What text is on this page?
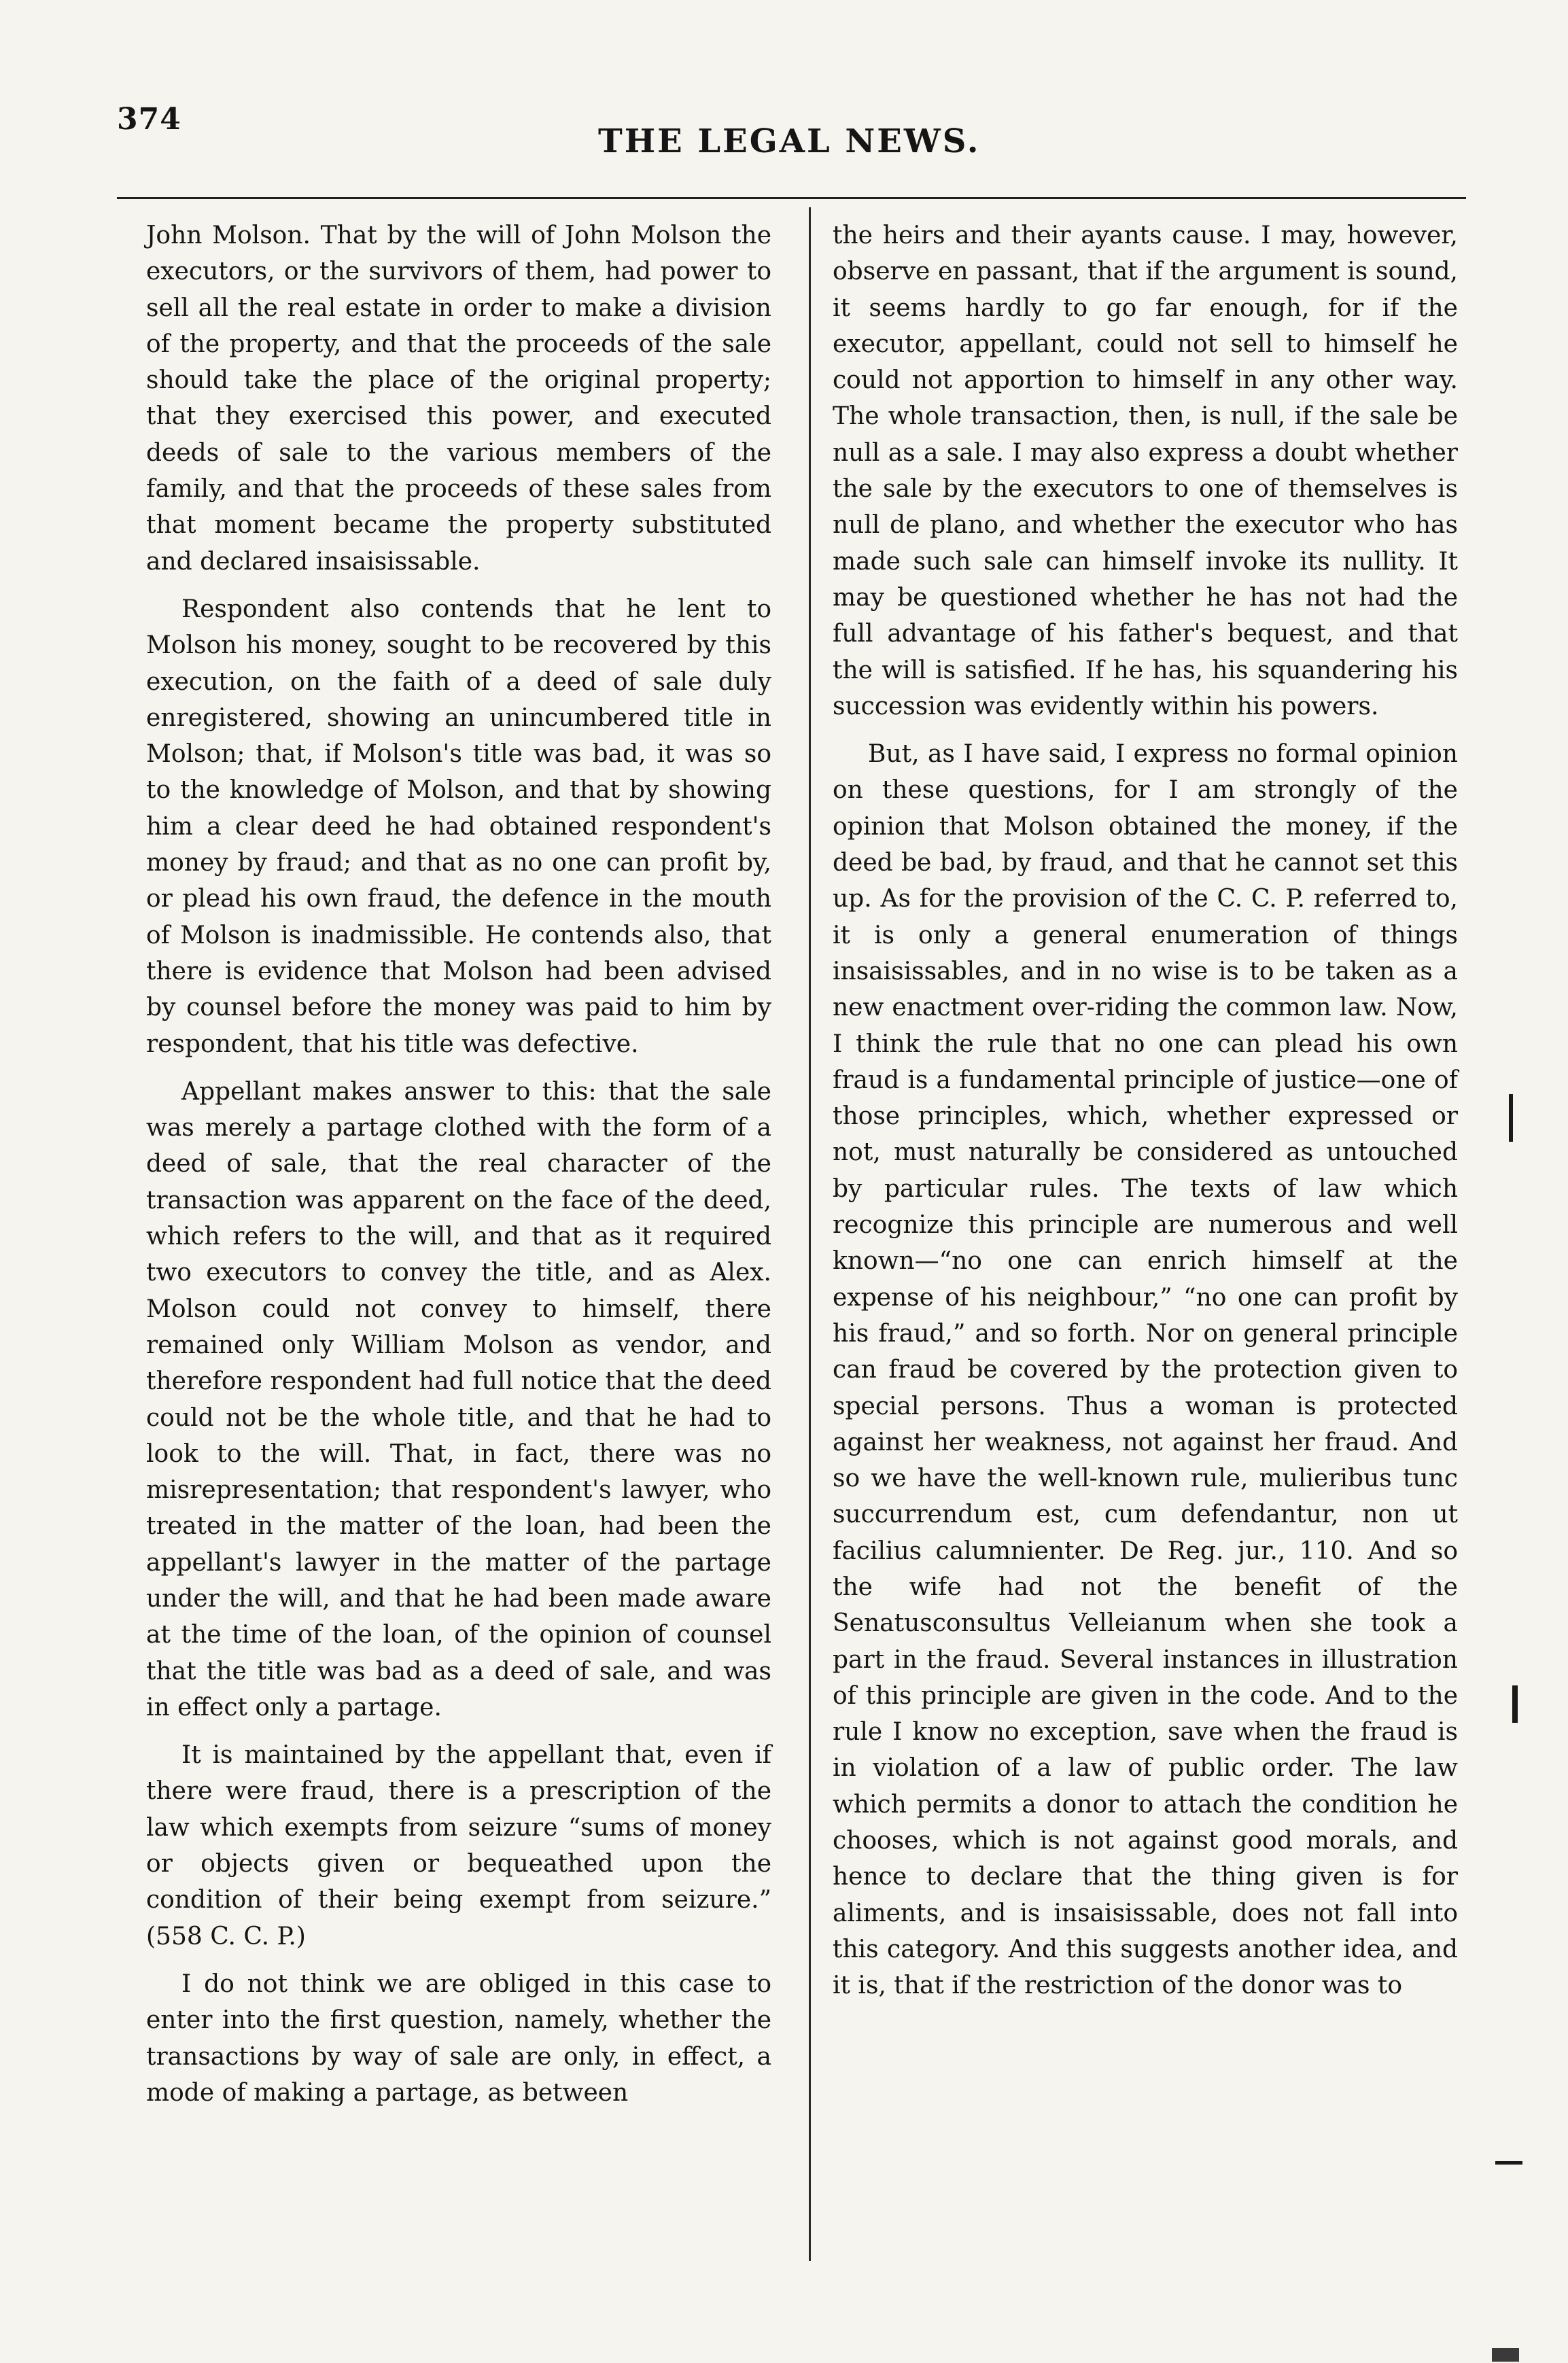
374
THE LEGAL NEWS.

John Molson. That by the will of John Molson the executors, or the survivors of them, had power to sell all the real estate in order to make a division of the property, and that the proceeds of the sale should take the place of the original property; that they exercised this power, and executed deeds of sale to the various members of the family, and that the proceeds of these sales from that moment became the property substituted and declared insaisissable.

Respondent also contends that he lent to Molson his money, sought to be recovered by this execution, on the faith of a deed of sale duly enregistered, showing an unincumbered title in Molson; that, if Molson's title was bad, it was so to the knowledge of Molson, and that by showing him a clear deed he had obtained respondent's money by fraud; and that as no one can profit by, or plead his own fraud, the defence in the mouth of Molson is inadmissible. He contends also, that there is evidence that Molson had been advised by counsel before the money was paid to him by respondent, that his title was defective.

Appellant makes answer to this: that the sale was merely a partage clothed with the form of a deed of sale, that the real character of the transaction was apparent on the face of the deed, which refers to the will, and that as it required two executors to convey the title, and as Alex. Molson could not convey to himself, there remained only William Molson as vendor, and therefore respondent had full notice that the deed could not be the whole title, and that he had to look to the will. That, in fact, there was no misrepresentation; that respondent's lawyer, who treated in the matter of the loan, had been the appellant's lawyer in the matter of the partage under the will, and that he had been made aware at the time of the loan, of the opinion of counsel that the title was bad as a deed of sale, and was in effect only a partage.

It is maintained by the appellant that, even if there were fraud, there is a prescription of the law which exempts from seizure “sums of money or objects given or bequeathed upon the condition of their being exempt from seizure.” (558 C. C. P.)

I do not think we are obliged in this case to enter into the first question, namely, whether the transactions by way of sale are only, in effect, a mode of making a partage, as between

the heirs and their ayants cause. I may, however, observe en passant, that if the argument is sound, it seems hardly to go far enough, for if the executor, appellant, could not sell to himself he could not apportion to himself in any other way. The whole transaction, then, is null, if the sale be null as a sale. I may also express a doubt whether the sale by the executors to one of themselves is null de plano, and whether the executor who has made such sale can himself invoke its nullity. It may be questioned whether he has not had the full advantage of his father's bequest, and that the will is satisfied. If he has, his squandering his succession was evidently within his powers.

But, as I have said, I express no formal opinion on these questions, for I am strongly of the opinion that Molson obtained the money, if the deed be bad, by fraud, and that he cannot set this up. As for the provision of the C. C. P. referred to, it is only a general enumeration of things insaisissables, and in no wise is to be taken as a new enactment over-riding the common law. Now, I think the rule that no one can plead his own fraud is a fundamental principle of justice—one of those principles, which, whether expressed or not, must naturally be considered as untouched by particular rules. The texts of law which recognize this principle are numerous and well known—“no one can enrich himself at the expense of his neighbour,” “no one can profit by his fraud,” and so forth. Nor on general principle can fraud be covered by the protection given to special persons. Thus a woman is protected against her weakness, not against her fraud. And so we have the well-known rule, mulieribus tunc succurrendum est, cum defendantur, non ut facilius calumnienter. De Reg. jur., 110. And so the wife had not the benefit of the Senatusconsultus Velleianum when she took a part in the fraud. Several instances in illustration of this principle are given in the code. And to the rule I know no exception, save when the fraud is in violation of a law of public order. The law which permits a donor to attach the condition he chooses, which is not against good morals, and hence to declare that the thing given is for aliments, and is insaisissable, does not fall into this category. And this suggests another idea, and it is, that if the restriction of the donor was to
